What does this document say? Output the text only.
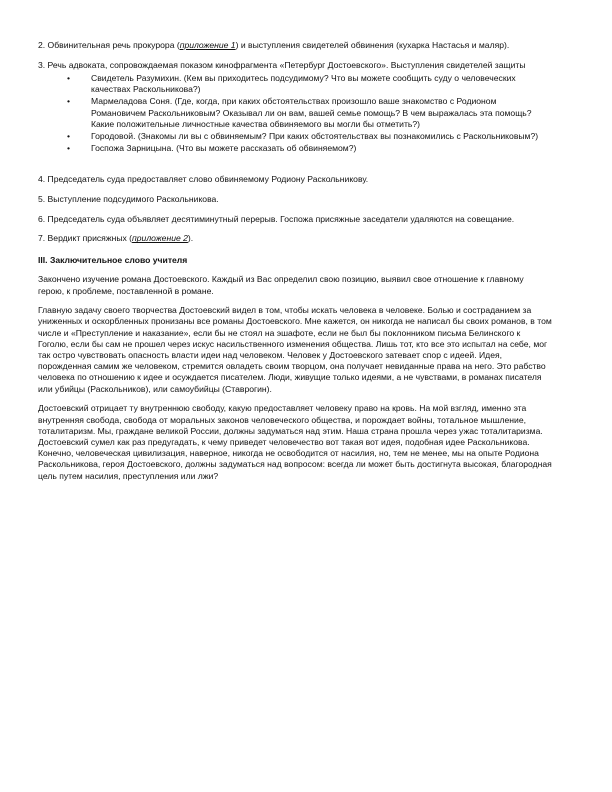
2. Обвинительная речь прокурора (приложение 1) и выступления свидетелей обвинения (кухарка Настасья и маляр).

3. Речь адвоката, сопровождаемая показом кинофрагмента «Петербург Достоевского». Выступления свидетелей защиты

• Свидетель Разумихин. (Кем вы приходитесь подсудимому? Что вы можете сообщить суду о человеческих качествах Раскольникова?)
• Мармеладова Соня. (Где, когда, при каких обстоятельствах произошло ваше знакомство с Родионом Романовичем Раскольниковым? Оказывал ли он вам, вашей семье помощь? В чем выражалась эта помощь? Какие положительные личностные качества обвиняемого вы могли бы отметить?)
• Городовой. (Знакомы ли вы с обвиняемым? При каких обстоятельствах вы познакомились с Раскольниковым?)
• Госпожа Зарницына. (Что вы можете рассказать об обвиняемом?)

4. Председатель суда предоставляет слово обвиняемому Родиону Раскольникову.

5. Выступление подсудимого Раскольникова.

6. Председатель суда объявляет десятиминутный перерыв. Госпожа присяжные заседатели удаляются на совещание.

7. Вердикт присяжных (приложение 2).

III. Заключительное слово учителя

Закончено изучение романа Достоевского. Каждый из Вас определил свою позицию, выявил свое отношение к главному герою, к проблеме, поставленной в романе.

Главную задачу своего творчества Достоевский видел в том, чтобы искать человека в человеке. Болью и состраданием за униженных и оскорбленных пронизаны все романы Достоевского. Мне кажется, он никогда не написал бы своих романов, в том числе и «Преступление и наказание», если бы не стоял на эшафоте, если не был бы поклонником письма Белинского к Гоголю, если бы сам не прошел через искус насильственного изменения общества. Лишь тот, кто все это испытал на себе, мог так остро чувствовать опасность власти идеи над человеком. Человек у Достоевского затевает спор с идеей. Идея, порожденная самим же человеком, стремится овладеть своим творцом, она получает невиданные права на него. Это рабство человека по отношению к идее и осуждается писателем. Люди, живущие только идеями, а не чувствами, в романах писателя или убийцы (Раскольников), или самоубийцы (Ставрогин).

Достоевский отрицает ту внутреннюю свободу, какую предоставляет человеку право на кровь. На мой взгляд, именно эта внутренняя свобода, свобода от моральных законов человеческого общества, и порождает войны, тотальное мышление, тоталитаризм. Мы, граждане великой России, должны задуматься над этим. Наша страна прошла через ужас тоталитаризма. Достоевский сумел как раз предугадать, к чему приведет человечество вот такая вот идея, подобная идее Раскольникова. Конечно, человеческая цивилизация, наверное, никогда не освободится от насилия, но, тем не менее, мы на опыте Родиона Раскольникова, героя Достоевского, должны задуматься над вопросом: всегда ли может быть достигнута высокая, благородная цель путем насилия, преступления или лжи?
